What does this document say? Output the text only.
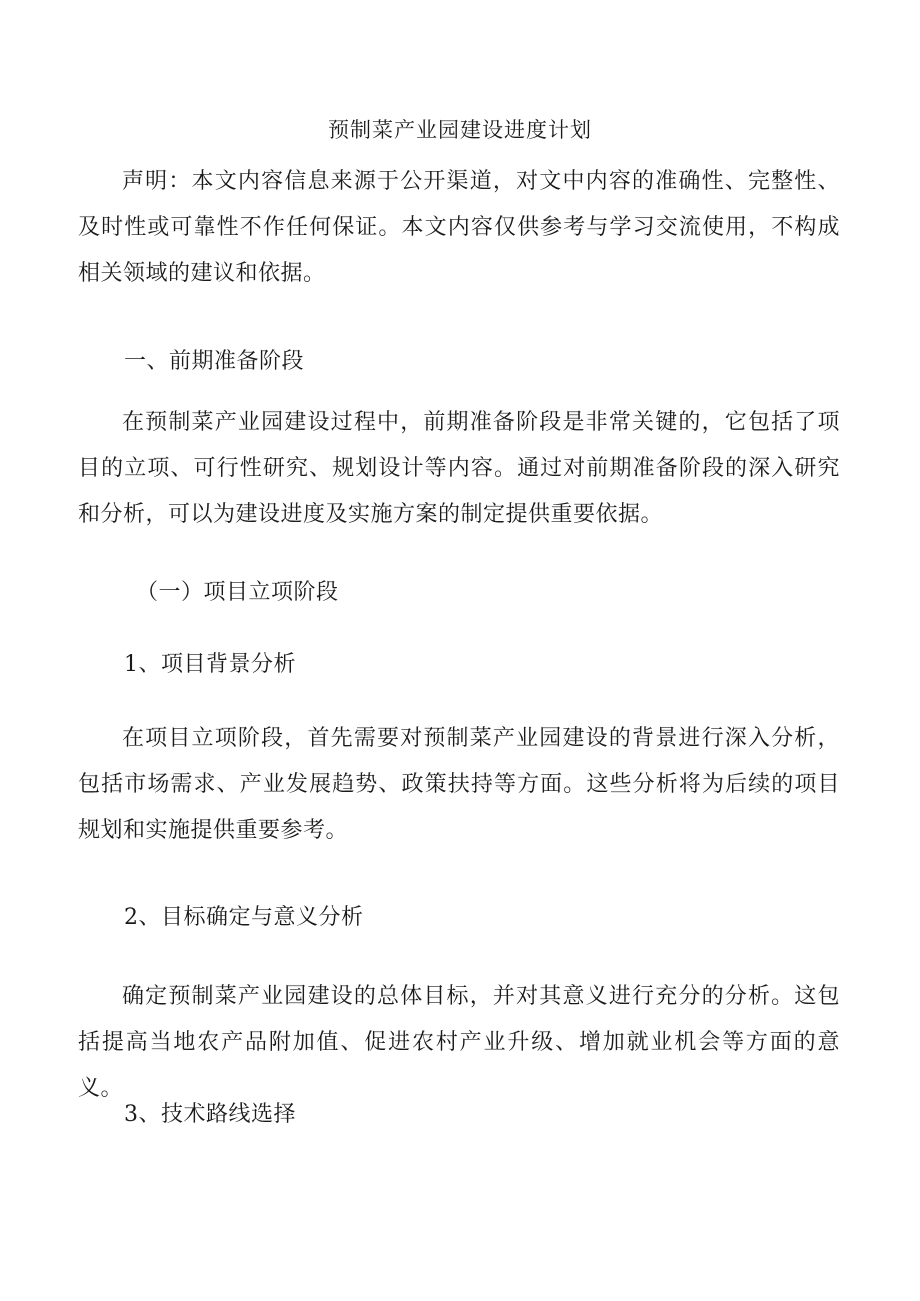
预制菜产业园建设进度计划
声明：本文内容信息来源于公开渠道，对文中内容的准确性、完整性、及时性或可靠性不作任何保证。本文内容仅供参考与学习交流使用，不构成相关领域的建议和依据。
一、前期准备阶段
在预制菜产业园建设过程中，前期准备阶段是非常关键的，它包括了项目的立项、可行性研究、规划设计等内容。通过对前期准备阶段的深入研究和分析，可以为建设进度及实施方案的制定提供重要依据。
（一）项目立项阶段
1、项目背景分析
在项目立项阶段，首先需要对预制菜产业园建设的背景进行深入分析，包括市场需求、产业发展趋势、政策扶持等方面。这些分析将为后续的项目规划和实施提供重要参考。
2、目标确定与意义分析
确定预制菜产业园建设的总体目标，并对其意义进行充分的分析。这包括提高当地农产品附加值、促进农村产业升级、增加就业机会等方面的意义。
3、技术路线选择
